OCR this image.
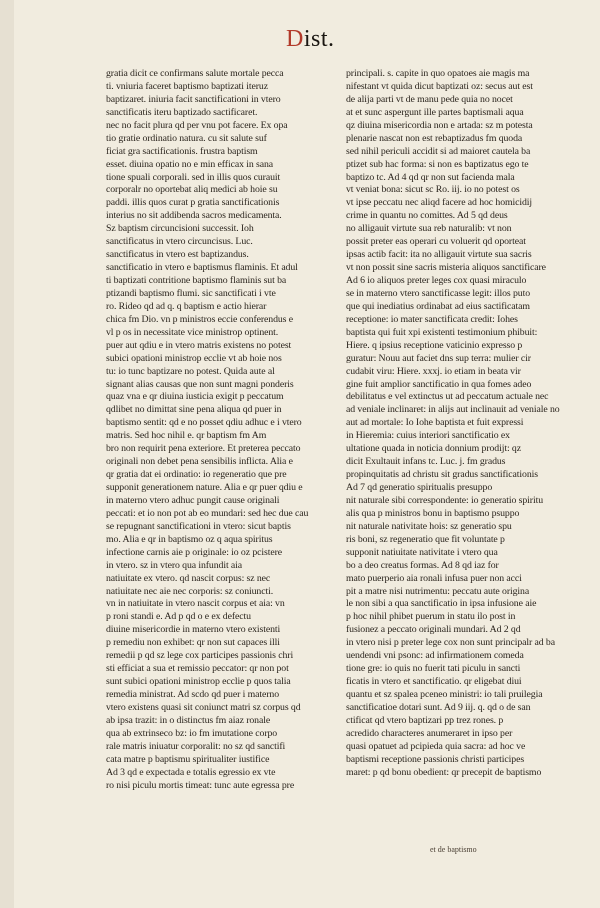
Dist.
gratia dicit ce confirmans salute mortale pecca
ti. vniuria faceret baptismo baptizati iteruz
baptizaret. iniuria facit sanctificationi in vtero
sanctificatis iteru baptizado sactificaret.
nec no facit plura qd per vnu pot facere. Ex opa
tio gratie ordinatio natura. cu sit salute suf
ficiat gra sactificationis. frustra baptism
esset. diuina opatio no e min efficax in sana
tione spuali corporali. sed in illis quos curauit
corporalr no oportebat aliq medici ab hoie su
paddi. illis quos curat p gratia sanctificationis
interius no sit addibenda sacros medicamenta.
Sz baptism circuncisioni successit. Ioh
sanctificatus in vtero circuncisus. Luc.
sanctificatus in vtero est baptizandus.
sanctificatio in vtero e baptismus flaminis. Et adul
ti baptizati contritione baptismo flaminis sut ba
ptizandi baptismo flumi. sic sanctificati i vte
ro. Rideo qd ad q. q baptism e actio hierar
chica fm Dio. vn p ministros eccie conferendus e
vl p os in necessitate vice ministrop optinent.
puer aut qdiu e in vtero matris existens no potest
subici opationi ministrop ecclie vt ab hoie nos
tu: io tunc baptizare no potest. Quida aute al
signant alias causas que non sunt magni ponderis
quaz vna e qr diuina iusticia exigit p peccatum
qdlibet no dimittat sine pena aliqua qd puer in
baptismo sentit: qd e no posset qdiu adhuc e i vtero
matris. Sed hoc nihil e. qr baptism fm Am
bro non requirit pena exteriore. Et preterea peccato
originali non debet pena sensibilis inflicta. Alia e
qr gratia dat ei ordinatio: io regeneratio que pre
supponit generationem nature. Alia e qr puer qdiu e
in materno vtero adhuc pungit cause originali
peccati: et io non pot ab eo mundari: sed hec due cau
se repugnant sanctificationi in vtero: sicut baptis
mo. Alia e qr in baptismo oz q aqua spiritus
infectione carnis aie p originale: io oz pcistere
in vtero. sz in vtero qua infundit aia
natiuitate ex vtero. qd nascit corpus: sz nec
natiuitate nec aie nec corporis: sz coniuncti.
vn in natiuitate in vtero nascit corpus et aia: vn
p roni standi e. Ad p qd o e ex defectu
diuine misericordie in materno vtero existenti
p remediu non exhibet: qr non sut capaces illi
remedii p qd sz lege cox participes passionis chri
sti efficiat a sua et remissio peccator: qr non pot
sunt subici opationi ministrop ecclie p quos talia
remedia ministrat. Ad scdo qd puer i materno
vtero existens quasi sit coniunct matri sz corpus qd
ab ipsa trazit: in o distinctus fm aiaz ronale
qua ab extrinseco bz: io fm imutatione corpo
rale matris iniuatur corporalit: no sz qd sanctifi
cata matre p baptismu spiritualiter iustifice
Ad 3 qd e expectada e totalis egressio ex vte
ro nisi piculu mortis timeat: tunc aute egressa pre
principali. s. capite in quo opatoes aie magis ma
nifestant vt quida dicut baptizati oz: secus aut est
de alija parti vt de manu pede quia no nocet
at et sunc aspergunt ille partes baptismali aqua
qz diuina misericordia non e artada: sz m potesta
plenarie nascat non est rebaptizadus fm quoda
sed nihil periculi accidit si ad maioret cautela ba
ptizet sub hac forma: si non es baptizatus ego te
baptizo tc. Ad 4 qd qr non sut facienda mala
vt veniat bona: sicut sc Ro. iij. io no potest os
vt ipse peccatu nec aliqd facere ad hoc homicidij
crime in quantu no comittes. Ad 5 qd deus
no alligauit virtute sua reb naturalib: vt non
possit preter eas operari cu voluerit qd oporteat
ipsas actib facit: ita no alligauit virtute sua sacris
vt non possit sine sacris misteria aliquos sanctificare
Ad 6 io aliquos preter leges cox quasi miraculo
se in materno vtero sanctificasse legit: illos puto
que qui inediatius ordinabat ad eius sactificatam
receptione: io mater sanctificata credit: Iohes
baptista qui fuit xpi existenti testimonium phibuit:
Hiere. q ipsius receptione vaticinio expresso p
guratur: Nouu aut faciet dns sup terra: mulier cir
cudabit viru: Hiere. xxxj. io etiam in beata vir
gine fuit amplior sanctificatio in qua fomes adeo
debilitatus e vel extinctus ut ad peccatum actuale nec
ad veniale inclinaret: in alijs aut inclinauit ad veniale no
aut ad mortale: Io Iohe baptista et fuit expressi
in Hieremia: cuius interiori sanctificatio ex
ultatione quada in noticia donnium prodijt: qz
dicit Exultauit infans tc. Luc. j. fm gradus
propinquitatis ad christu sit gradus sanctificationis
Ad 7 qd generatio spiritualis presuppo
nit naturale sibi correspondente: io generatio spiritu
alis qua p ministros bonu in baptismo psuppo
nit naturale nativitate hois: sz generatio spu
ris boni, sz regeneratio que fit voluntate p
supponit natiuitate nativitate i vtero qua
bo a deo creatus formas. Ad 8 qd iaz for
mato puerperio aia ronali infusa puer non acci
pit a matre nisi nutrimentu: peccatu aute origina
le non sibi a qua sanctificatio in ipsa infusione aie
p hoc nihil phibet puerum in statu ilo post in
fusionez a peccato originali mundari. Ad 2 qd
in vtero nisi p preter lege cox non sunt principalr ad ba
uendendi vni psonc: ad infirmationem comeda
tione gre: io quis no fuerit tati piculu in sancti
ficatis in vtero et sanctificatio. qr eligebat diui
quantu et sz spalea pceneo ministri: io tali pruilegia
sanctificatioe dotari sunt. Ad 9 iij. q. qd o de san
ctificat qd vtero baptizari pp trez rones. p
acredido characteres anumeraret in ipso per
quasi opatuet ad pcipieda quia sacra: ad hoc ve
baptismi receptione passionis christi participes
maret: p qd bonu obedient: qr precepit de baptismo
et de baptismo
